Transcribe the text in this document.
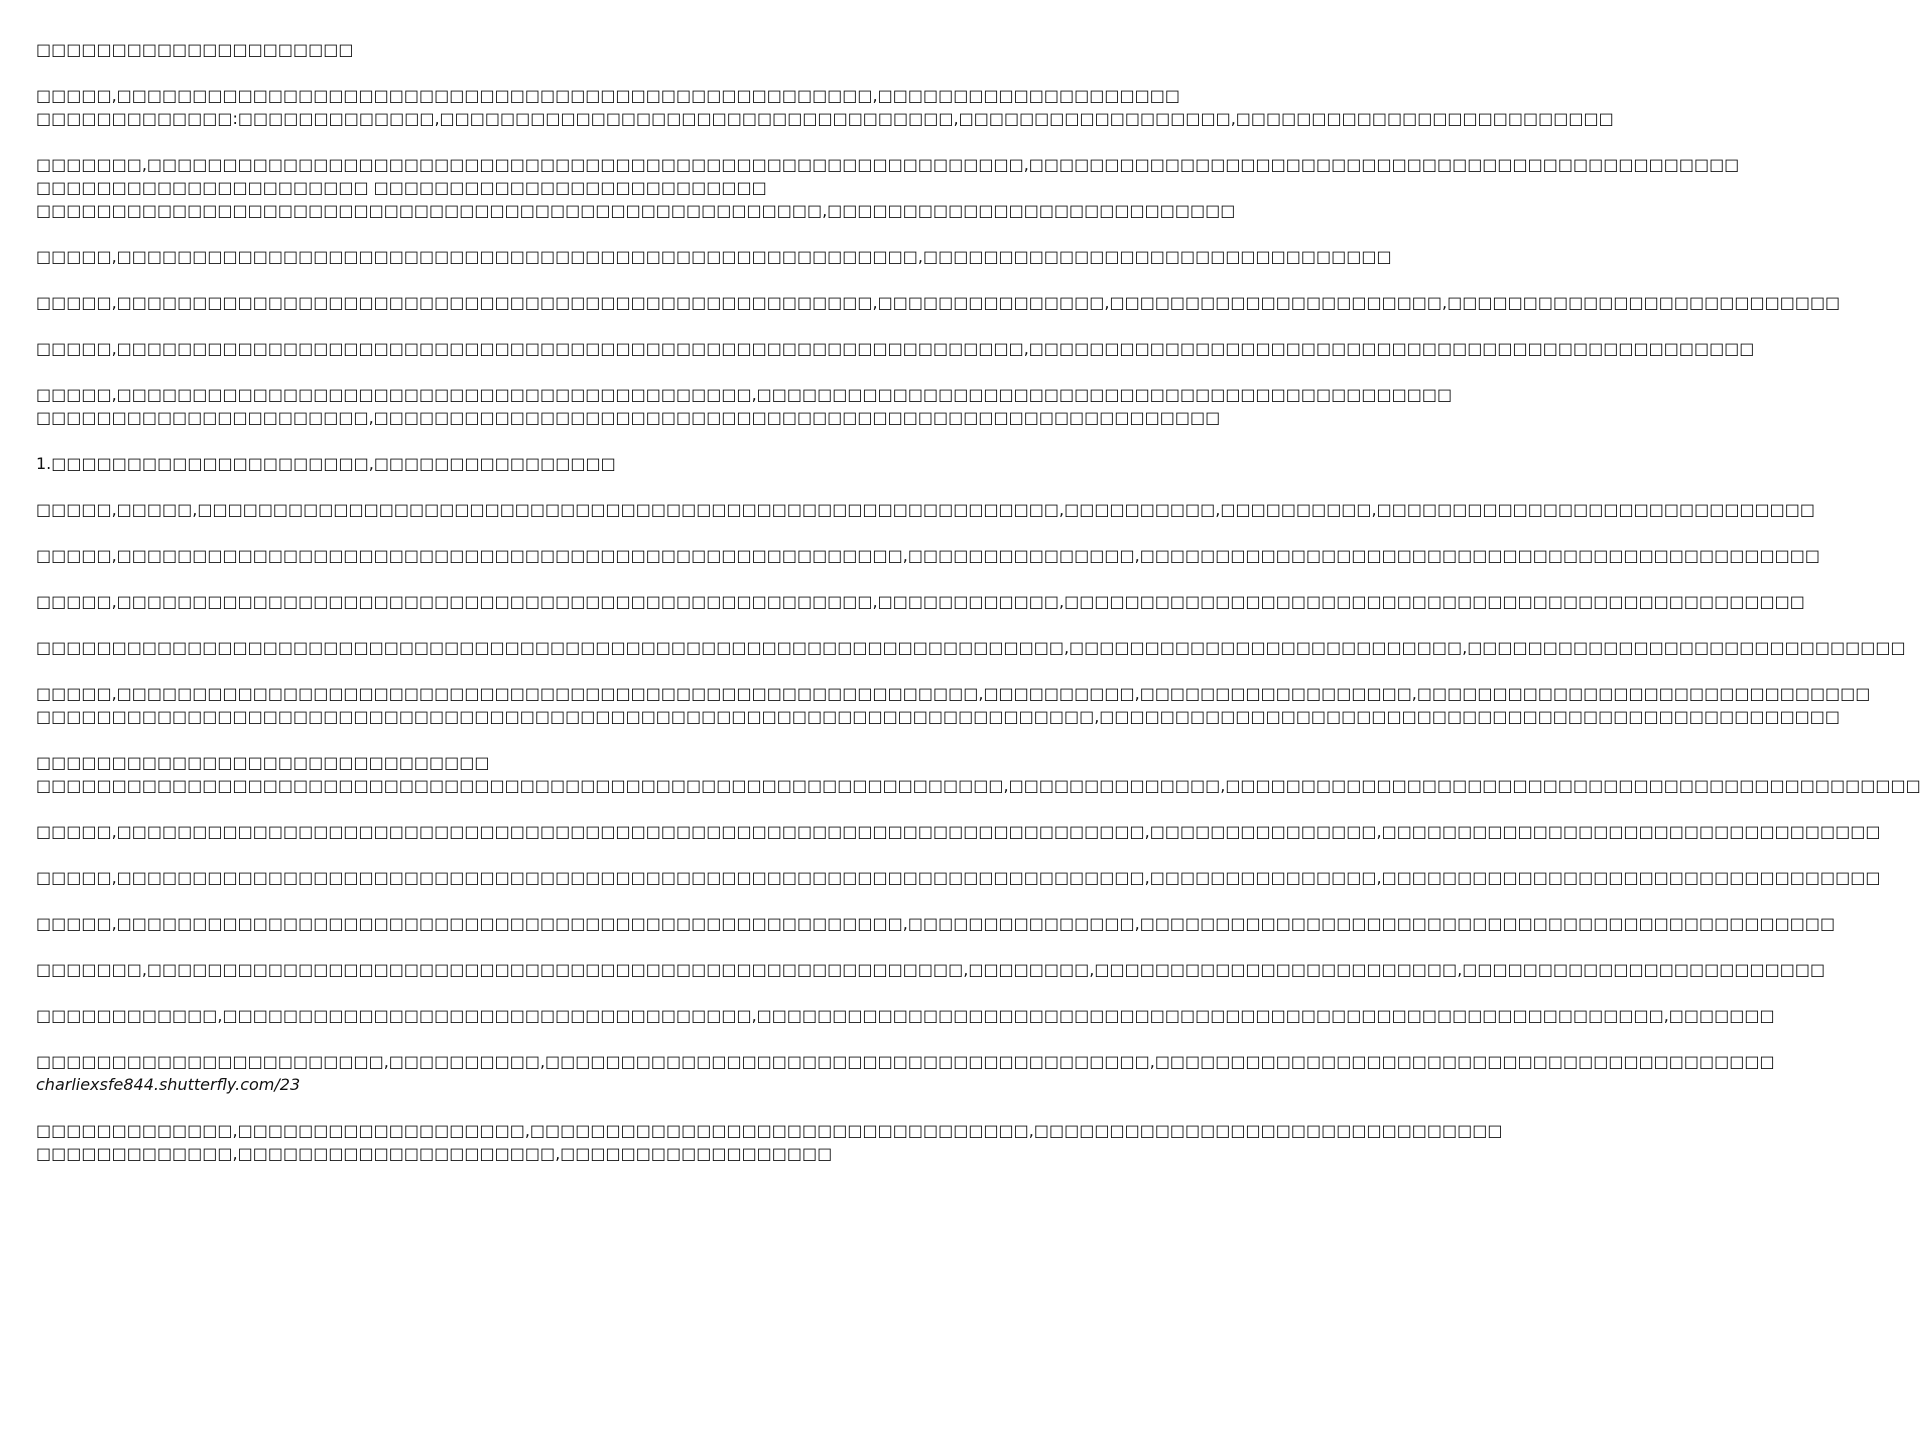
□□□□□□□□□□□□□□□□□□□□□
□□□□□,□□□□□□□□□□□□□□□□□□□□□□□□□□□□□□□□□□□□□□□□□□□□□□□□□□,□□□□□□□□□□□□□□□□□□□□
□□□□□□□□□□□□□:□□□□□□□□□□□□□,□□□□□□□□□□□□□□□□□□□□□□□□□□□□□□□□□□,□□□□□□□□□□□□□□□□□□,□□□□□□□□□□□□□□□□□□□□□□□□□
□□□□□□□,□□□□□□□□□□□□□□□□□□□□□□□□□□□□□□□□□□□□□□□□□□□□□□□□□□□□□□□□□□,□□□□□□□□□□□□□□□□□□□□□□□□□□□□□□□□□□□□□□□□□□□□□□□
□□□□□□□□□□□□□□□□□□□□□□ □□□□□□□□□□□□□□□□□□□□□□□□□□
□□□□□□□□□□□□□□□□□□□□□□□□□□□□□□□□□□□□□□□□□□□□□□□□□□□□,□□□□□□□□□□□□□□□□□□□□□□□□□□□
□□□□□,□□□□□□□□□□□□□□□□□□□□□□□□□□□□□□□□□□□□□□□□□□□□□□□□□□□□□,□□□□□□□□□□□□□□□□□□□□□□□□□□□□□□□
□□□□□,□□□□□□□□□□□□□□□□□□□□□□□□□□□□□□□□□□□□□□□□□□□□□□□□□□,□□□□□□□□□□□□□□□,□□□□□□□□□□□□□□□□□□□□□□,□□□□□□□□□□□□□□□□□□□□□□□□□□
□□□□□,□□□□□□□□□□□□□□□□□□□□□□□□□□□□□□□□□□□□□□□□□□□□□□□□□□□□□□□□□□□□,□□□□□□□□□□□□□□□□□□□□□□□□□□□□□□□□□□□□□□□□□□□□□□□□
□□□□□,□□□□□□□□□□□□□□□□□□□□□□□□□□□□□□□□□□□□□□□□□□,□□□□□□□□□□□□□□□□□□□□□□□□□□□□□□□□□□□□□□□□□□□□□□
□□□□□□□□□□□□□□□□□□□□□□,□□□□□□□□□□□□□□□□□□□□□□□□□□□□□□□□□□□□□□□□□□□□□□□□□□□□□□□□
1.□□□□□□□□□□□□□□□□□□□□□,□□□□□□□□□□□□□□□□
□□□□□,□□□□□,□□□□□□□□□□□□□□□□□□□□□□□□□□□□□□□□□□□□□□□□□□□□□□□□□□□□□□□□□,□□□□□□□□□□,□□□□□□□□□□,□□□□□□□□□□□□□□□□□□□□□□□□□□□□□
□□□□□,□□□□□□□□□□□□□□□□□□□□□□□□□□□□□□□□□□□□□□□□□□□□□□□□□□□□,□□□□□□□□□□□□□□□,□□□□□□□□□□□□□□□□□□□□□□□□□□□□□□□□□□□□□□□□□□□□□
□□□□□,□□□□□□□□□□□□□□□□□□□□□□□□□□□□□□□□□□□□□□□□□□□□□□□□□□,□□□□□□□□□□□□,□□□□□□□□□□□□□□□□□□□□□□□□□□□□□□□□□□□□□□□□□□□□□□□□□
□□□□□□□□□□□□□□□□□□□□□□□□□□□□□□□□□□□□□□□□□□□□□□□□□□□□□□□□□□□□□□□□□□□□,□□□□□□□□□□□□□□□□□□□□□□□□□□,□□□□□□□□□□□□□□□□□□□□□□□□□□□□□
□□□□□,□□□□□□□□□□□□□□□□□□□□□□□□□□□□□□□□□□□□□□□□□□□□□□□□□□□□□□□□□,□□□□□□□□□□,□□□□□□□□□□□□□□□□□□,□□□□□□□□□□□□□□□□□□□□□□□□□□□□□□
□□□□□□□□□□□□□□□□□□□□□□□□□□□□□□□□□□□□□□□□□□□□□□□□□□□□□□□□□□□□□□□□□□□□□□,□□□□□□□□□□□□□□□□□□□□□□□□□□□□□□□□□□□□□□□□□□□□□□□□□
□□□□□□□□□□□□□□□□□□□□□□□□□□□□□□
□□□□□□□□□□□□□□□□□□□□□□□□□□□□□□□□□□□□□□□□□□□□□□□□□□□□□□□□□□□□□□□□,□□□□□□□□□□□□□□,□□□□□□□□□□□□□□□□□□□□□□□□□□□□□□□□□□□□□□□□□□□□□□
□□□□□,□□□□□□□□□□□□□□□□□□□□□□□□□□□□□□□□□□□□□□□□□□□□□□□□□□□□□□□□□□□□□□□□□□□□,□□□□□□□□□□□□□□□,□□□□□□□□□□□□□□□□□□□□□□□□□□□□□□□□□
□□□□□,□□□□□□□□□□□□□□□□□□□□□□□□□□□□□□□□□□□□□□□□□□□□□□□□□□□□□□□□□□□□□□□□□□□□,□□□□□□□□□□□□□□□,□□□□□□□□□□□□□□□□□□□□□□□□□□□□□□□□□
□□□□□,□□□□□□□□□□□□□□□□□□□□□□□□□□□□□□□□□□□□□□□□□□□□□□□□□□□□,□□□□□□□□□□□□□□□,□□□□□□□□□□□□□□□□□□□□□□□□□□□□□□□□□□□□□□□□□□□□□□
□□□□□□□,□□□□□□□□□□□□□□□□□□□□□□□□□□□□□□□□□□□□□□□□□□□□□□□□□□□□□□,□□□□□□□□,□□□□□□□□□□□□□□□□□□□□□□□□,□□□□□□□□□□□□□□□□□□□□□□□□
□□□□□□□□□□□□,□□□□□□□□□□□□□□□□□□□□□□□□□□□□□□□□□□□,□□□□□□□□□□□□□□□□□□□□□□□□□□□□□□□□□□□□□□□□□□□□□□□□□□□□□□□□□□□□,□□□□□□□
□□□□□□□□□□□□□□□□□□□□□□□,□□□□□□□□□□,□□□□□□□□□□□□□□□□□□□□□□□□□□□□□□□□□□□□□□□□,□□□□□□□□□□□□□□□□□□□□□□□□□□□□□□□□□□□□□□□□□
charliexsfe844.shutterfly.com/23
□□□□□□□□□□□□□,□□□□□□□□□□□□□□□□□□□,□□□□□□□□□□□□□□□□□□□□□□□□□□□□□□□□□,□□□□□□□□□□□□□□□□□□□□□□□□□□□□□□□
□□□□□□□□□□□□□,□□□□□□□□□□□□□□□□□□□□□,□□□□□□□□□□□□□□□□□□
